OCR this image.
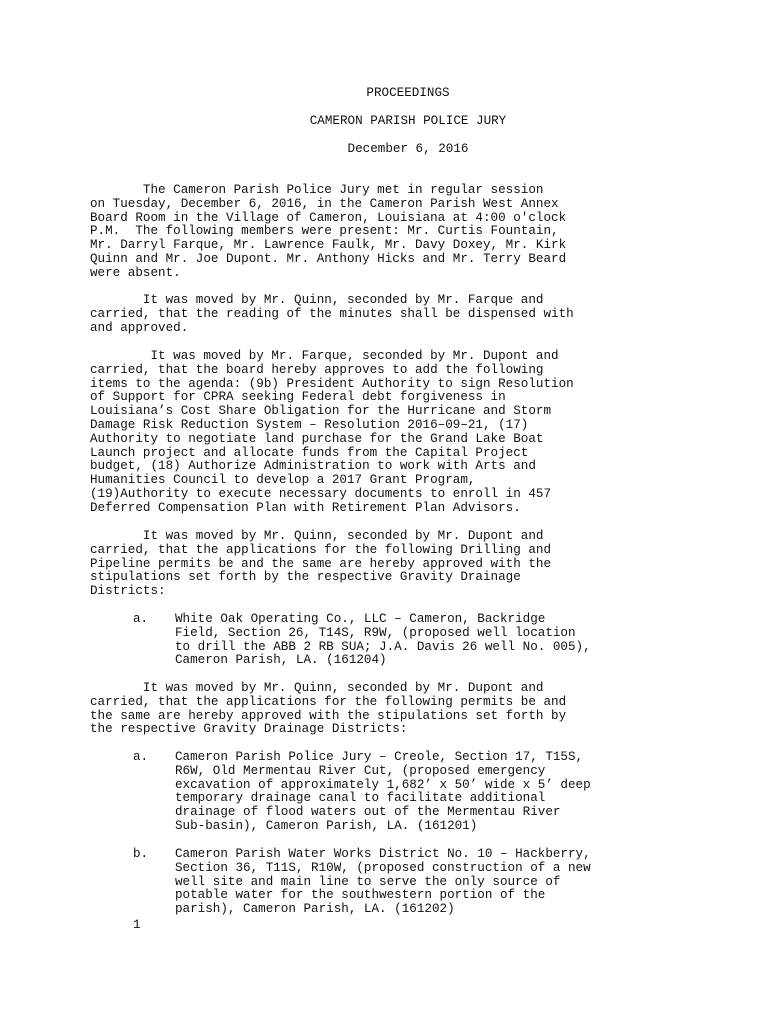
PROCEEDINGS
CAMERON PARISH POLICE JURY
December 6, 2016
The Cameron Parish Police Jury met in regular session
on Tuesday, December 6, 2016, in the Cameron Parish West Annex
Board Room in the Village of Cameron, Louisiana at 4:00 o'clock
P.M.  The following members were present: Mr. Curtis Fountain,
Mr. Darryl Farque, Mr. Lawrence Faulk, Mr. Davy Doxey, Mr. Kirk
Quinn and Mr. Joe Dupont. Mr. Anthony Hicks and Mr. Terry Beard
were absent.
It was moved by Mr. Quinn, seconded by Mr. Farque and
carried, that the reading of the minutes shall be dispensed with
and approved.
It was moved by Mr. Farque, seconded by Mr. Dupont and
carried, that the board hereby approves to add the following
items to the agenda: (9b) President Authority to sign Resolution
of Support for CPRA seeking Federal debt forgiveness in
Louisiana’s Cost Share Obligation for the Hurricane and Storm
Damage Risk Reduction System – Resolution 2016–09–21, (17)
Authority to negotiate land purchase for the Grand Lake Boat
Launch project and allocate funds from the Capital Project
budget, (18) Authorize Administration to work with Arts and
Humanities Council to develop a 2017 Grant Program,
(19)Authority to execute necessary documents to enroll in 457
Deferred Compensation Plan with Retirement Plan Advisors.
It was moved by Mr. Quinn, seconded by Mr. Dupont and
carried, that the applications for the following Drilling and
Pipeline permits be and the same are hereby approved with the
stipulations set forth by the respective Gravity Drainage
Districts:
a. White Oak Operating Co., LLC – Cameron, Backridge
Field, Section 26, T14S, R9W, (proposed well location
to drill the ABB 2 RB SUA; J.A. Davis 26 well No. 005),
Cameron Parish, LA. (161204)
It was moved by Mr. Quinn, seconded by Mr. Dupont and
carried, that the applications for the following permits be and
the same are hereby approved with the stipulations set forth by
the respective Gravity Drainage Districts:
a. Cameron Parish Police Jury – Creole, Section 17, T15S,
R6W, Old Mermentau River Cut, (proposed emergency
excavation of approximately 1,682’ x 50’ wide x 5’ deep
temporary drainage canal to facilitate additional
drainage of flood waters out of the Mermentau River
Sub-basin), Cameron Parish, LA. (161201)
b. Cameron Parish Water Works District No. 10 – Hackberry,
Section 36, T11S, R10W, (proposed construction of a new
well site and main line to serve the only source of
potable water for the southwestern portion of the
parish), Cameron Parish, LA. (161202)
1
